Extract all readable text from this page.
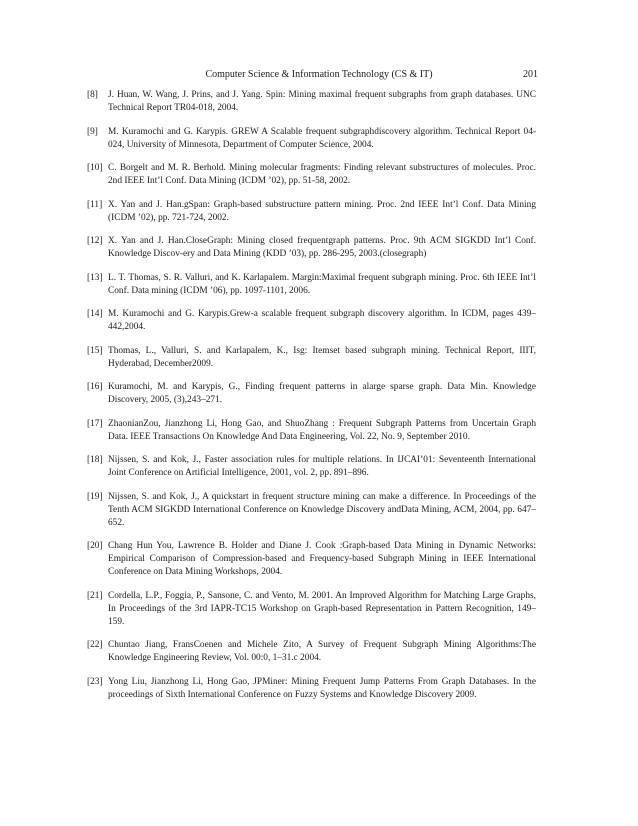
Computer Science & Information Technology (CS & IT)	201
[8]	J. Huan, W. Wang, J. Prins, and J. Yang. Spin: Mining maximal frequent subgraphs from graph databases. UNC Technical Report TR04-018, 2004.
[9]	M. Kuramochi and G. Karypis. GREW A Scalable frequent subgraphdiscovery algorithm. Technical Report 04-024, University of Minnesota, Department of Computer Science, 2004.
[10] C. Borgelt and M. R. Berhold. Mining molecular fragments: Finding relevant substructures of molecules. Proc. 2nd IEEE Int’l Conf. Data Mining (ICDM ’02), pp. 51-58, 2002.
[11] X. Yan and J. Han.gSpan: Graph-based substructure pattern mining. Proc. 2nd IEEE Int’l Conf. Data Mining (ICDM ’02), pp. 721-724, 2002.
[12] X. Yan and J. Han.CloseGraph: Mining closed frequentgraph patterns. Proc. 9th ACM SIGKDD Int’l Conf. Knowledge Discov-ery and Data Mining (KDD ’03), pp. 286-295, 2003.(closegraph)
[13] L. T. Thomas, S. R. Valluri, and K. Karlapalem. Margin:Maximal frequent subgraph mining. Proc. 6th IEEE Int’l Conf. Data mining (ICDM ’06), pp. 1097-1101, 2006.
[14] M. Kuramochi and G. Karypis.Grew-a scalable frequent subgraph discovery algorithm. In ICDM, pages 439–442,2004.
[15] Thomas, L., Valluri, S. and Karlapalem, K., Isg: Itemset based subgraph mining. Technical Report, IIIT, Hyderabad, December2009.
[16] Kuramochi, M. and Karypis, G., Finding frequent patterns in alarge sparse graph. Data Min. Knowledge Discovery, 2005, (3),243–271.
[17] ZhaonianZou, Jianzhong Li, Hong Gao, and ShuoZhang : Frequent Subgraph Patterns from Uncertain Graph Data. IEEE Transactions On Knowledge And Data Engineering, Vol. 22, No. 9, September 2010.
[18] Nijssen, S. and Kok, J., Faster association rules for multiple relations. In IJCAI’01: Seventeenth International Joint Conference on Artificial Intelligence, 2001, vol. 2, pp. 891–896.
[19] Nijssen, S. and Kok, J., A quickstart in frequent structure mining can make a difference. In Proceedings of the Tenth ACM SIGKDD International Conference on Knowledge Discovery andData Mining, ACM, 2004, pp. 647–652.
[20] Chang Hun You, Lawrence B. Holder and Diane J. Cook :Graph-based Data Mining in Dynamic Networks: Empirical Comparison of Compression-based and Frequency-based Subgraph Mining in IEEE International Conference on Data Mining Workshops, 2004.
[21] Cordella, L.P., Foggia, P., Sansone, C. and Vento, M. 2001. An Improved Algorithm for Matching Large Graphs, In Proceedings of the 3rd IAPR-TC15 Workshop on Graph-based Representation in Pattern Recognition, 149–159.
[22] Chuntao Jiang, FransCoenen and Michele Zito, A Survey of Frequent Subgraph Mining Algorithms:The Knowledge Engineering Review, Vol. 00:0, 1–31.c 2004.
[23] Yong Liu, Jianzhong Li, Hong Gao, JPMiner: Mining Frequent Jump Patterns From Graph Databases. In the proceedings of Sixth International Conference on Fuzzy Systems and Knowledge Discovery 2009.
